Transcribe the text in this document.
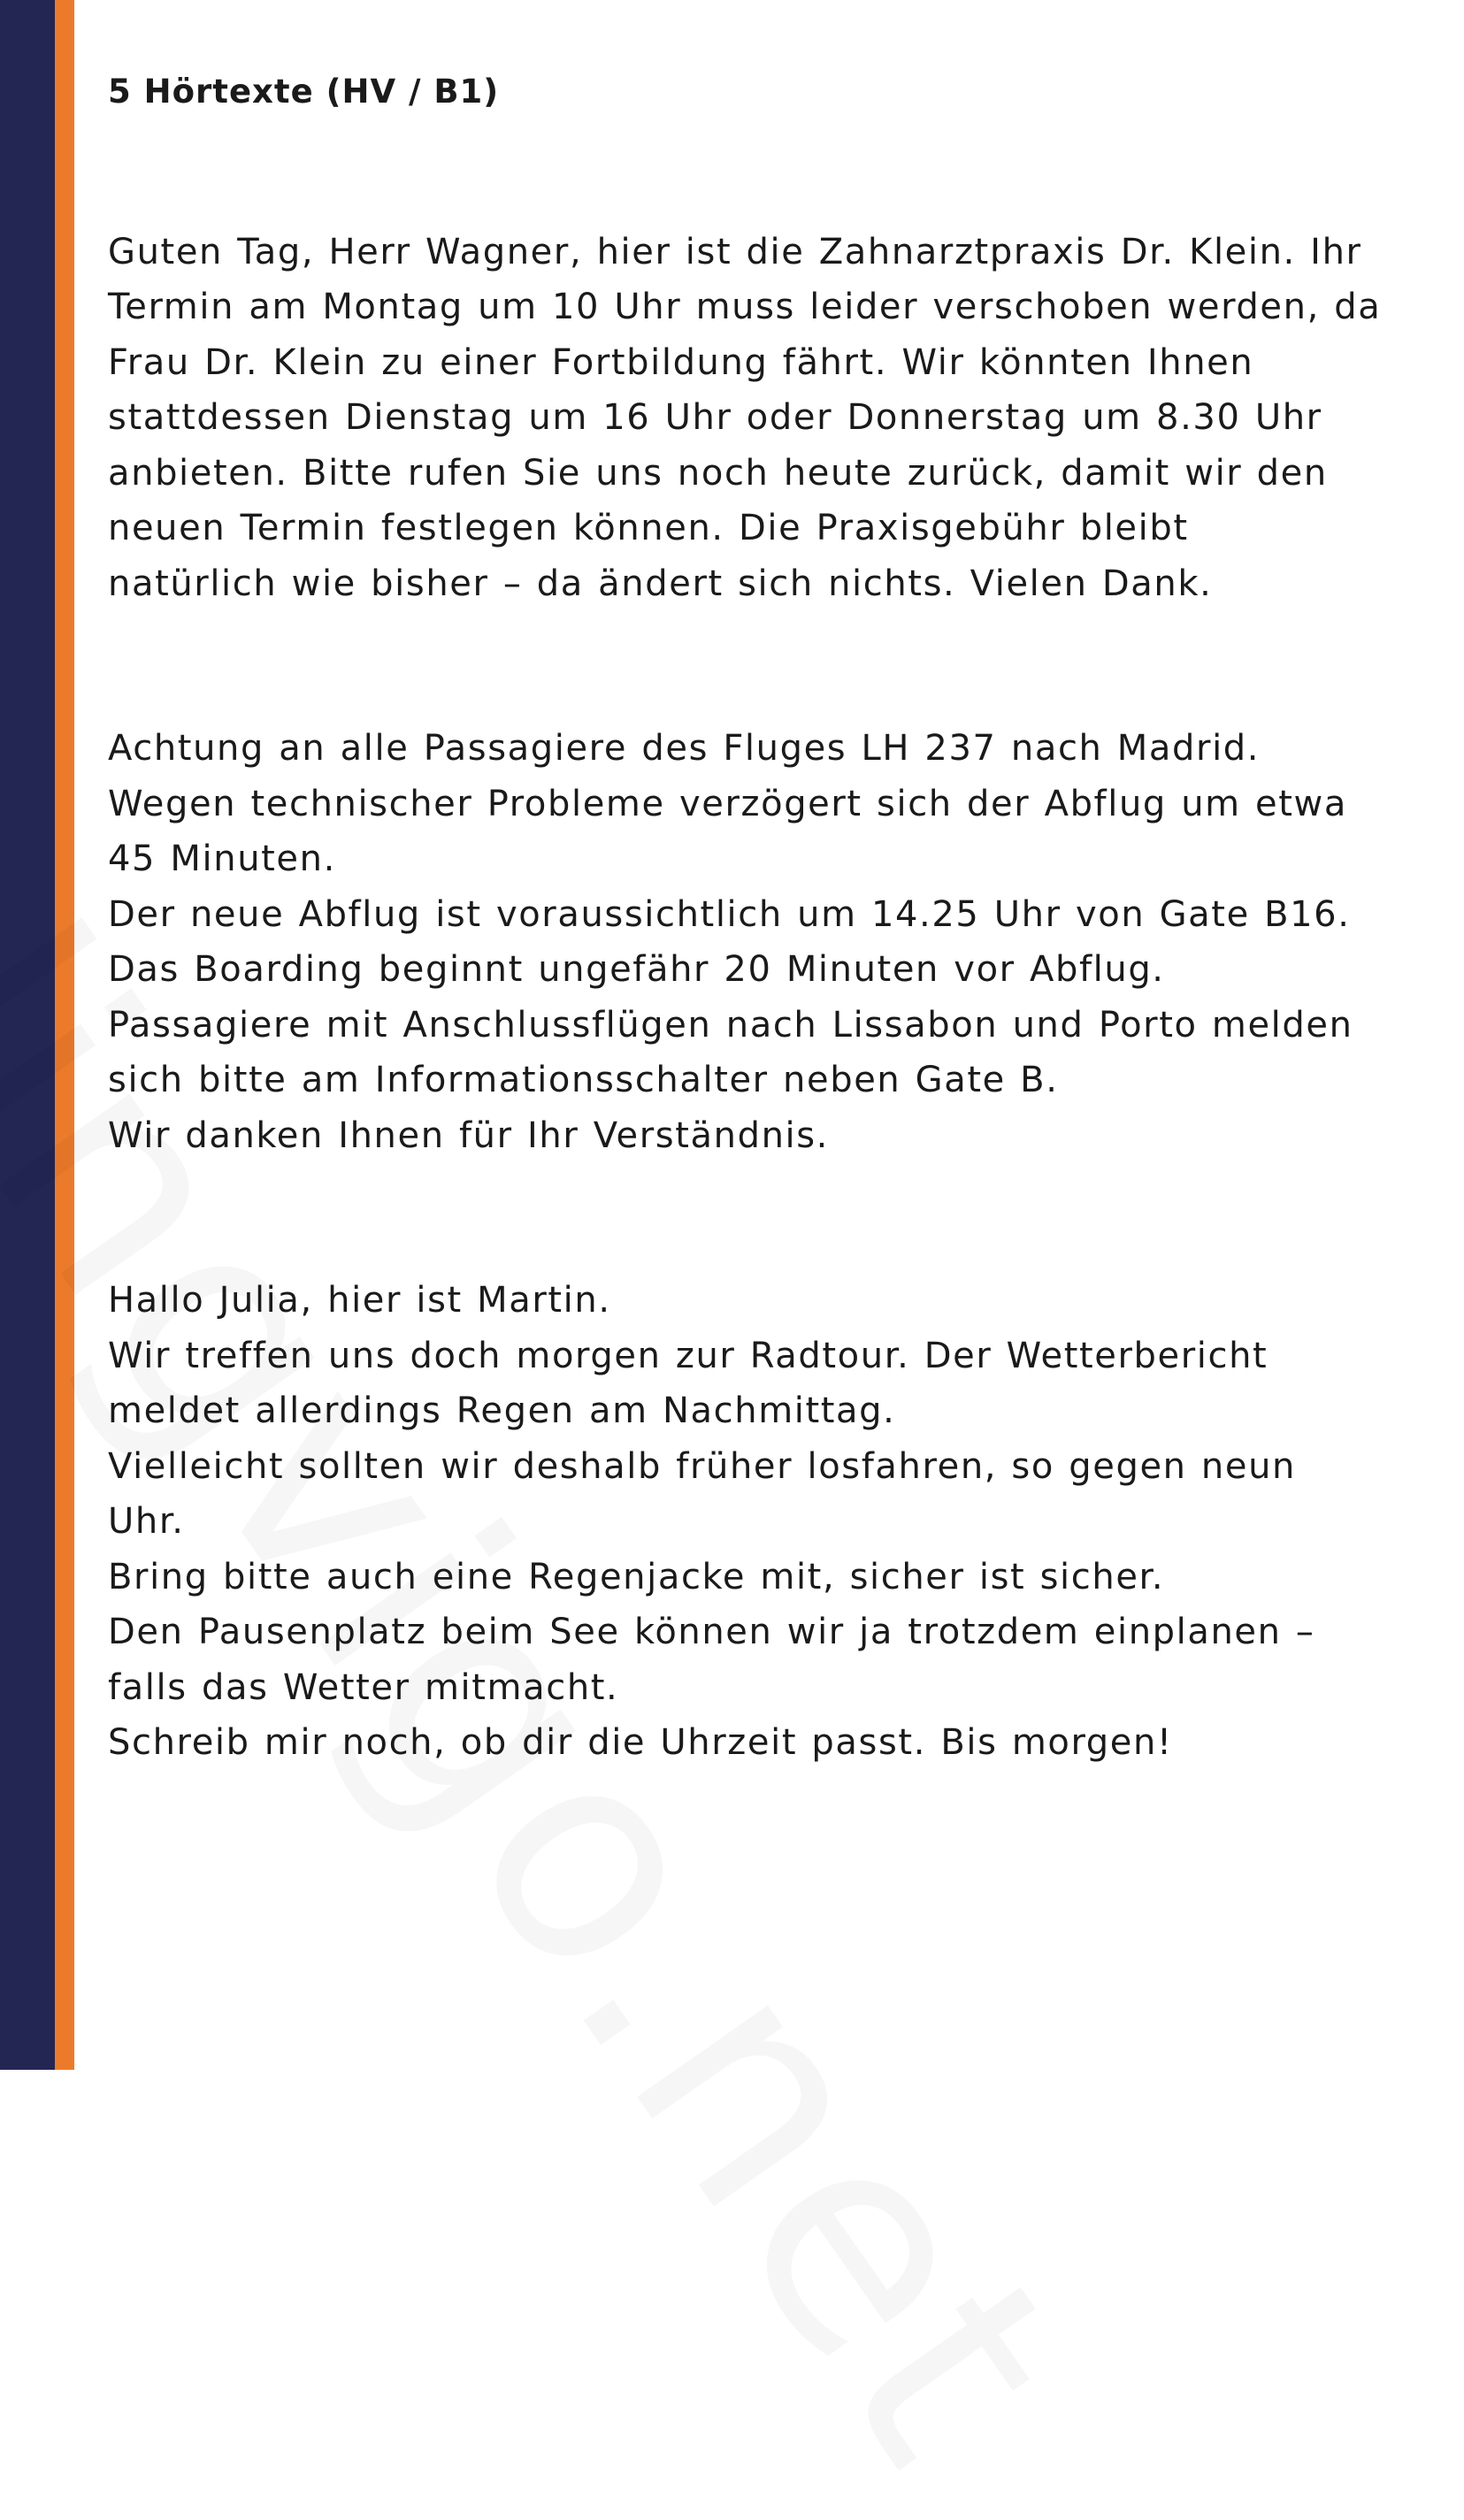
5 Hörtexte (HV / B1)
Guten Tag, Herr Wagner, hier ist die Zahnarztpraxis Dr. Klein. Ihr
Termin am Montag um 10 Uhr muss leider verschoben werden, da
Frau Dr. Klein zu einer Fortbildung fährt. Wir könnten Ihnen
stattdessen Dienstag um 16 Uhr oder Donnerstag um 8.30 Uhr
anbieten. Bitte rufen Sie uns noch heute zurück, damit wir den
neuen Termin festlegen können. Die Praxisgebühr bleibt
natürlich wie bisher – da ändert sich nichts. Vielen Dank.
Achtung an alle Passagiere des Fluges LH 237 nach Madrid.
Wegen technischer Probleme verzögert sich der Abflug um etwa
45 Minuten.
Der neue Abflug ist voraussichtlich um 14.25 Uhr von Gate B16.
Das Boarding beginnt ungefähr 20 Minuten vor Abflug.
Passagiere mit Anschlussflügen nach Lissabon und Porto melden
sich bitte am Informationsschalter neben Gate B.
Wir danken Ihnen für Ihr Verständnis.
Hallo Julia, hier ist Martin.
Wir treffen uns doch morgen zur Radtour. Der Wetterbericht
meldet allerdings Regen am Nachmittag.
Vielleicht sollten wir deshalb früher losfahren, so gegen neun
Uhr.
Bring bitte auch eine Regenjacke mit, sicher ist sicher.
Den Pausenplatz beim See können wir ja trotzdem einplanen –
falls das Wetter mitmacht.
Schreib mir noch, ob dir die Uhrzeit passt. Bis morgen!
